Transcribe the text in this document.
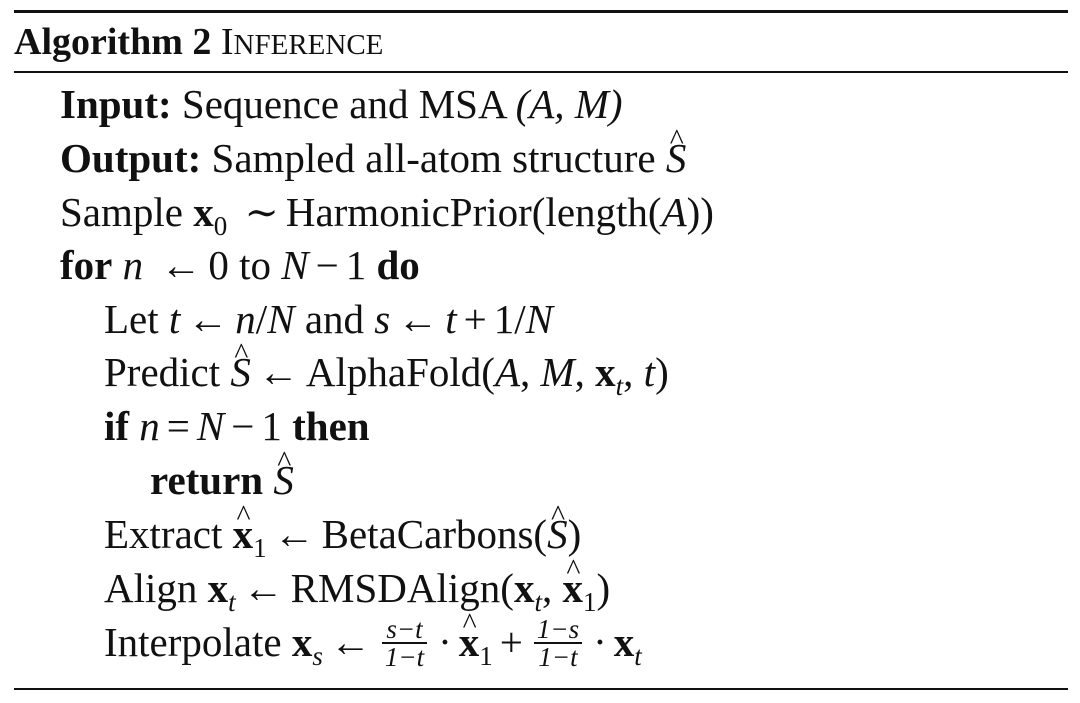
Algorithm 2 INFERENCE
Input: Sequence and MSA (A, M)
Output: Sampled all-atom structure ^ S
Sample $x_0$ ∼ HarmonicPrior(length(A))
for n ← 0 to N − 1 do
Let t ← n/N and s ← t + 1/N
Predict ^ S ← AlphaFold(A, M, $x_t$, t)
if n = N − 1 then
return ^ S
Extract ^ $x_1$ ← BetaCarbons(^ S)
Align $x_t$ ← $RMSDAlign(x_t$, ^ $x_1$)
Interpolate $x_s$ ← $\frac{s-t}{1-t}$ · ^ $x_1 + \frac{1-s}{1-t} \cdot x_t$
